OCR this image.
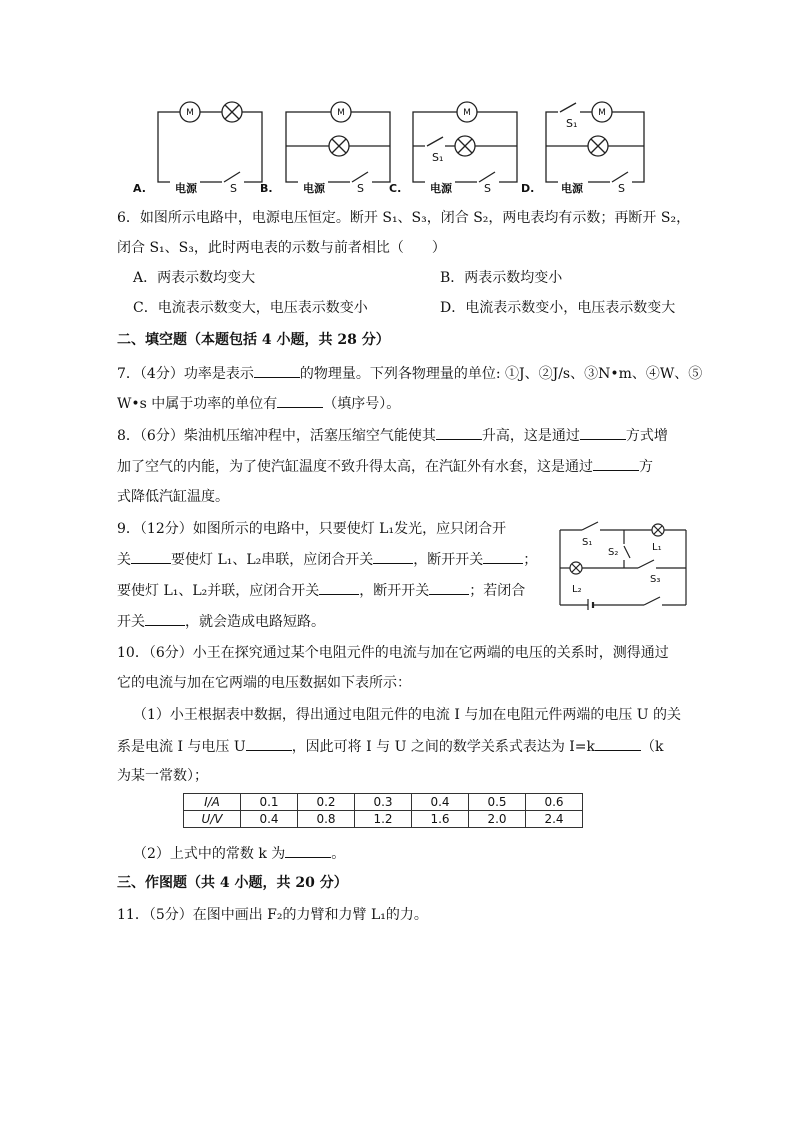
M	M	M	M
S₁
S₁
A.	电源	S B.	电源	S C.	电源	S	D. 电源	S
6．如图所示电路中，电源电压恒定。断开 S₁、S₃，闭合 S₂，两电表均有示数；再断开 S₂，
闭合 S₁、S₃，此时两电表的示数与前者相比（　　）
A．两表示数均变大	B．两表示数均变小
C．电流表示数变大，电压表示数变小	D．电流表示数变小，电压表示数变大
二、填空题（本题包括 4 小题，共 28 分）
7．（4分）功率是表示	的物理量。下列各物理量的单位: ①J、②J/s、③N•m、④W、⑤
W•s 中属于功率的单位有	（填序号）。
8．（6分）柴油机压缩冲程中，活塞压缩空气能使其	升高，这是通过	方式增
加了空气的内能，为了使汽缸温度不致升得太高，在汽缸外有水套，这是通过	方
式降低汽缸温度。
9．（12分）如图所示的电路中，只要使灯 L₁发光，应只闭合开
关	要使灯 L₁、L₂串联，应闭合开关	，断开开关	；
要使灯 L₁、L₂并联，应闭合开关	，断开开关	；若闭合
开关	，就会造成电路短路。
S₁
S₂	L₁
S₃
L₂
10．（6分）小王在探究通过某个电阻元件的电流与加在它两端的电压的关系时，测得通过
它的电流与加在它两端的电压数据如下表所示：
（1）小王根据表中数据，得出通过电阻元件的电流 I 与加在电阻元件两端的电压 U 的关
系是电流 I 与电压 U	，因此可将 I 与 U 之间的数学关系式表达为 I=k	（k
为某一常数）；
I/A	0.1	0.2	0.3	0.4	0.5	0.6
U/V	0.4	0.8	1.2	1.6	2.0	2.4
（2）上式中的常数 k 为	。
三、作图题（共 4 小题，共 20 分）
11．（5分）在图中画出 F₂的力臂和力臂 L₁的力。
